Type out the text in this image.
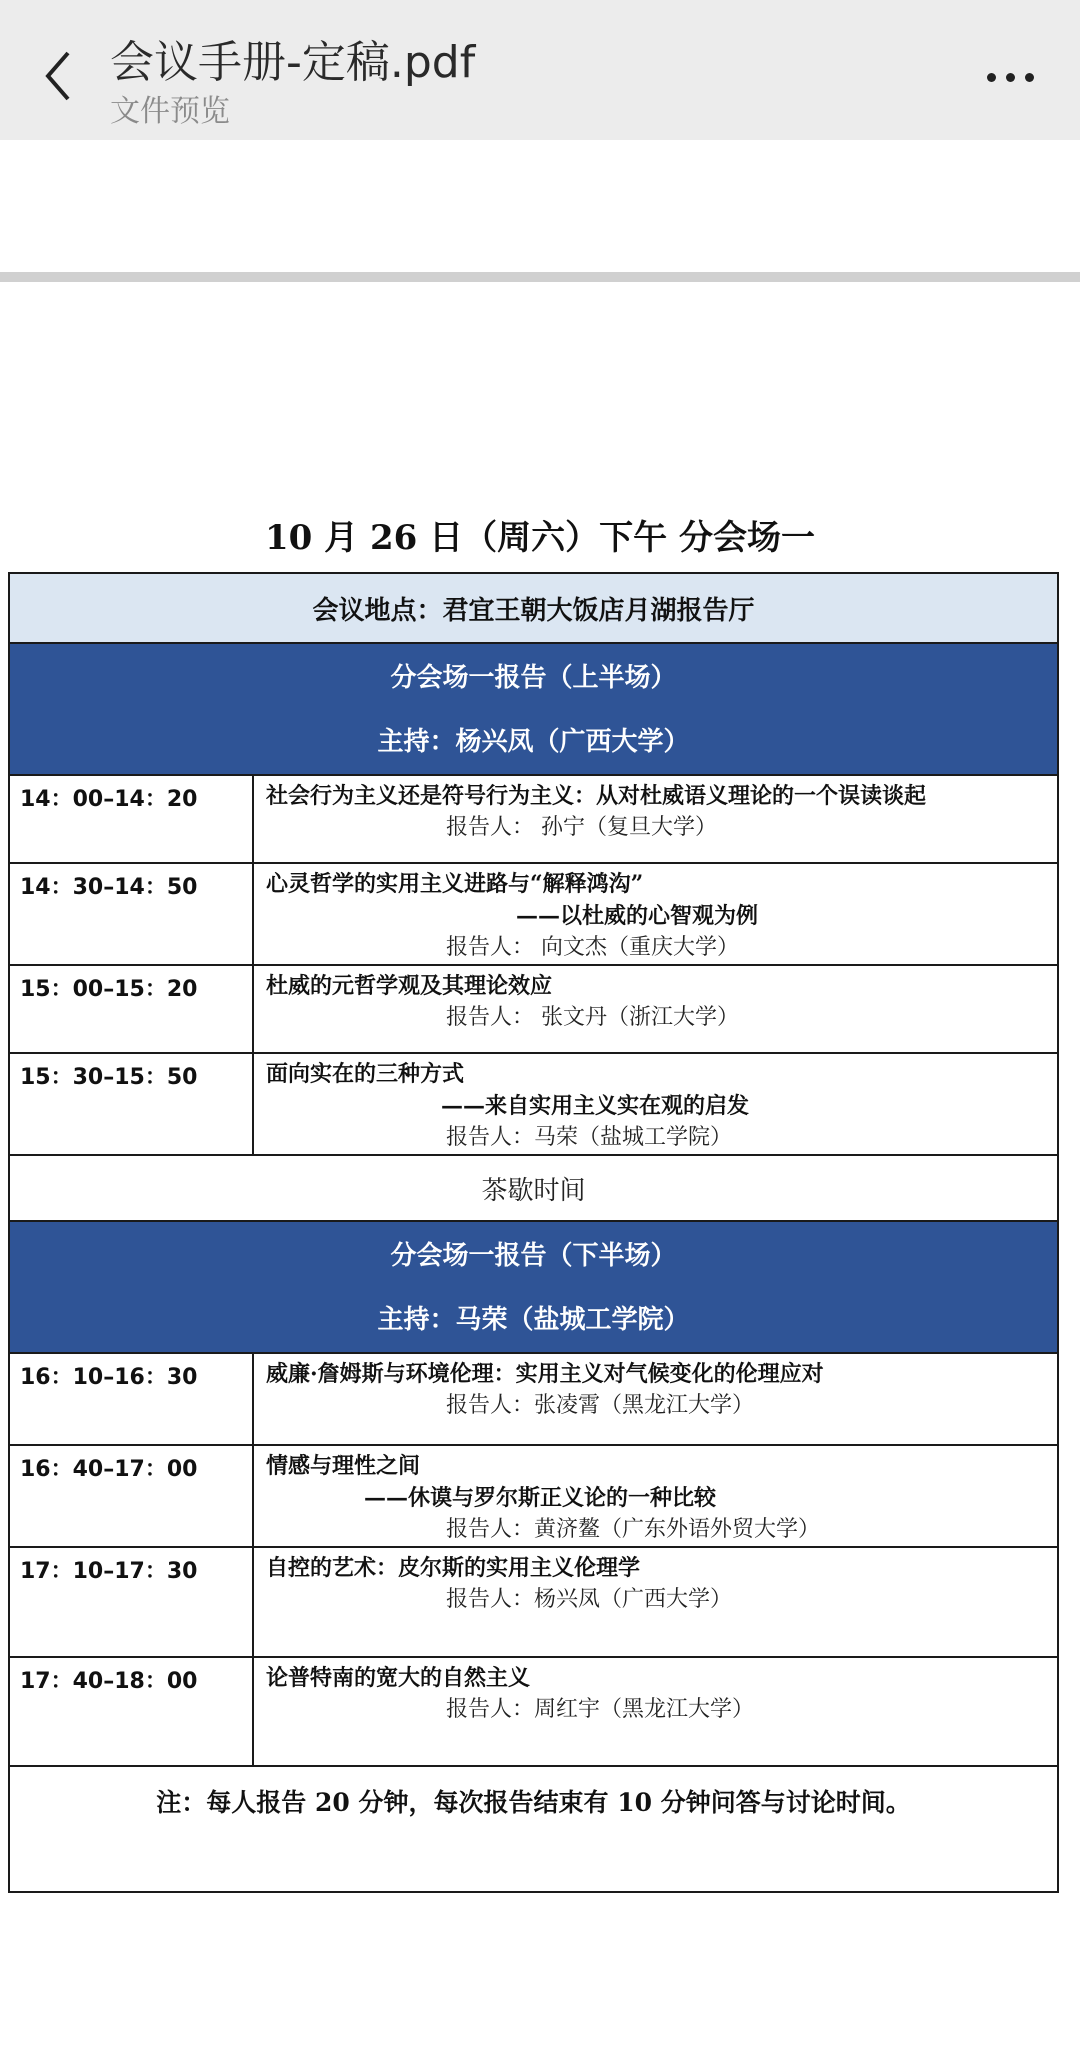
会议手册-定稿.pdf
文件预览
10 月 26 日（周六）下午 分会场一
会议地点：君宜王朝大饭店月湖报告厅	

分会场一报告（上半场）
主持：杨兴凤（广西大学）	

14：00–14：20	社会行为主义还是符号行为主义：从对杜威语义理论的一个误读谈起
报告人： 孙宁（复旦大学）

14：30–14：50	心灵哲学的实用主义进路与“解释鸿沟”
——以杜威的心智观为例
报告人： 向文杰（重庆大学）

15：00–15：20	杜威的元哲学观及其理论效应
报告人： 张文丹（浙江大学）

15：30–15：50	面向实在的三种方式
——来自实用主义实在观的启发
报告人：马荣（盐城工学院）

茶歇时间	

分会场一报告（下半场）
主持：马荣（盐城工学院）	

16：10–16：30	威廉·詹姆斯与环境伦理：实用主义对气候变化的伦理应对
报告人：张凌霄（黑龙江大学）

16：40–17：00	情感与理性之间
——休谟与罗尔斯正义论的一种比较
报告人：黄济鳌（广东外语外贸大学）

17：10–17：30	自控的艺术：皮尔斯的实用主义伦理学
报告人：杨兴凤（广西大学）

17：40–18：00	论普特南的宽大的自然主义
报告人：周红宇（黑龙江大学）

注：每人报告 20 分钟，每次报告结束有 10 分钟问答与讨论时间。	
